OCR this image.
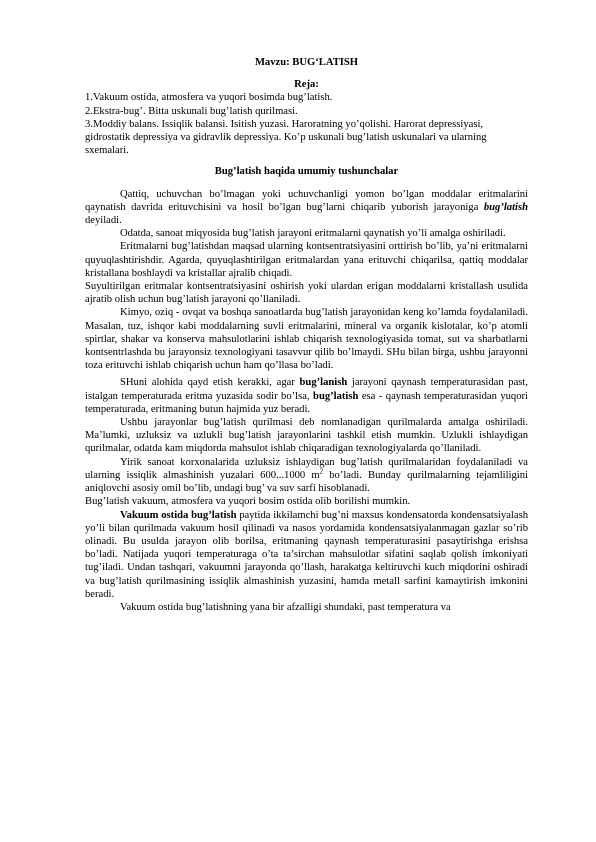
Mavzu: BUG‘LATISH
Reja:

1.Vakuum ostida, atmosfera va yuqori bosimda bug’latish.

2.Ekstra-bug’. Bitta uskunali bug’latish qurilmasi.

3.Moddiy balans. Issiqlik balansi. Isitish yuzasi. Haroratning yo’qolishi. Harorat depressiyasi, gidrostatik depressiya va gidravlik depressiya. Ko’p uskunali bug’latish uskunalari va ularning sxemalari.

Bug’latish haqida umumiy tushunchalar

Qattiq, uchuvchan bo’lmagan yoki uchuvchanligi yomon bo’lgan moddalar eritmalarini qaynatish davrida erituvchisini va hosil bo’lgan bug’larni chiqarib yuborish jarayoniga bug’latish deyiladi.

Odatda, sanoat miqyosida bug’latish jarayoni eritmalarni qaynatish yo’li amalga oshiriladi.

Eritmalarni bug’latishdan maqsad ularning kontsentratsiyasini orttirish bo’lib, ya’ni eritmalarni quyuqlashtirishdir. Agarda, quyuqlashtirilgan eritmalardan yana erituvchi chiqarilsa, qattiq moddalar kristallana boshlaydi va kristallar ajralib chiqadi.

Suyultirilgan eritmalar kontsentratsiyasini oshirish yoki ulardan erigan moddalarni kristallash usulida ajratib olish uchun bug’latish jarayoni qo’llaniladi.

Kimyo, oziq - ovqat va boshqa sanoatlarda bug’latish jarayonidan keng ko’lamda foydalaniladi. Masalan, tuz, ishqor kabi moddalarning suvli eritmalarini, mineral va organik kislotalar, ko’p atomli spirtlar, shakar va konserva mahsulotlarini ishlab chiqarish texnologiyasida tomat, sut va sharbatlarni kontsentrlashda bu jarayonsiz texnologiyani tasavvur qilib bo’lmaydi. SHu bilan birga, ushbu jarayonni toza erituvchi ishlab chiqarish uchun ham qo’llasa bo’ladi.

SHuni alohida qayd etish kerakki, agar bug’lanish jarayoni qaynash temperaturasidan past, istalgan temperaturada eritma yuzasida sodir bo’lsa, bug’latish esa - qaynash temperaturasidan yuqori temperaturada, eritmaning butun hajmida yuz beradi.

Ushbu jarayonlar bug’latish qurilmasi deb nomlanadigan qurilmalarda amalga oshiriladi. Ma’lumki, uzluksiz va uzlukli bug’latish jarayonlarini tashkil etish mumkin. Uzlukli ishlaydigan qurilmalar, odatda kam miqdorda mahsulot ishlab chiqaradigan texnologiyalarda qo’llaniladi.

Yirik sanoat korxonalarida uzluksiz ishlaydigan bug’latish qurilmalaridan foydalaniladi va ularning issiqlik almashinish yuzalari 600...1000 $m^2$ bo’ladi. Bunday qurilmalarning tejamliligini aniqlovchi asosiy omil bo’lib, undagi bug’ va suv sarfi hisoblanadi.

Bug’latish vakuum, atmosfera va yuqori bosim ostida olib borilishi mumkin.

Vakuum ostida bug’latish paytida ikkilamchi bug’ni maxsus kondensatorda kondensatsiyalash yo’li bilan qurilmada vakuum hosil qilinadi va nasos yordamida kondensatsiyalanmagan gazlar so’rib olinadi. Bu usulda jarayon olib borilsa, eritmaning qaynash temperaturasini pasaytirishga erishsa bo’ladi. Natijada yuqori temperaturaga o’ta ta’sirchan mahsulotlar sifatini saqlab qolish imkoniyati tug’iladi. Undan tashqari, vakuumni jarayonda qo’llash, harakatga keltiruvchi kuch miqdorini oshiradi va bug’latish qurilmasining issiqlik almashinish yuzasini, hamda metall sarfini kamaytirish imkonini beradi.

Vakuum ostida bug’latishning yana bir afzalligi shundaki, past temperatura va
